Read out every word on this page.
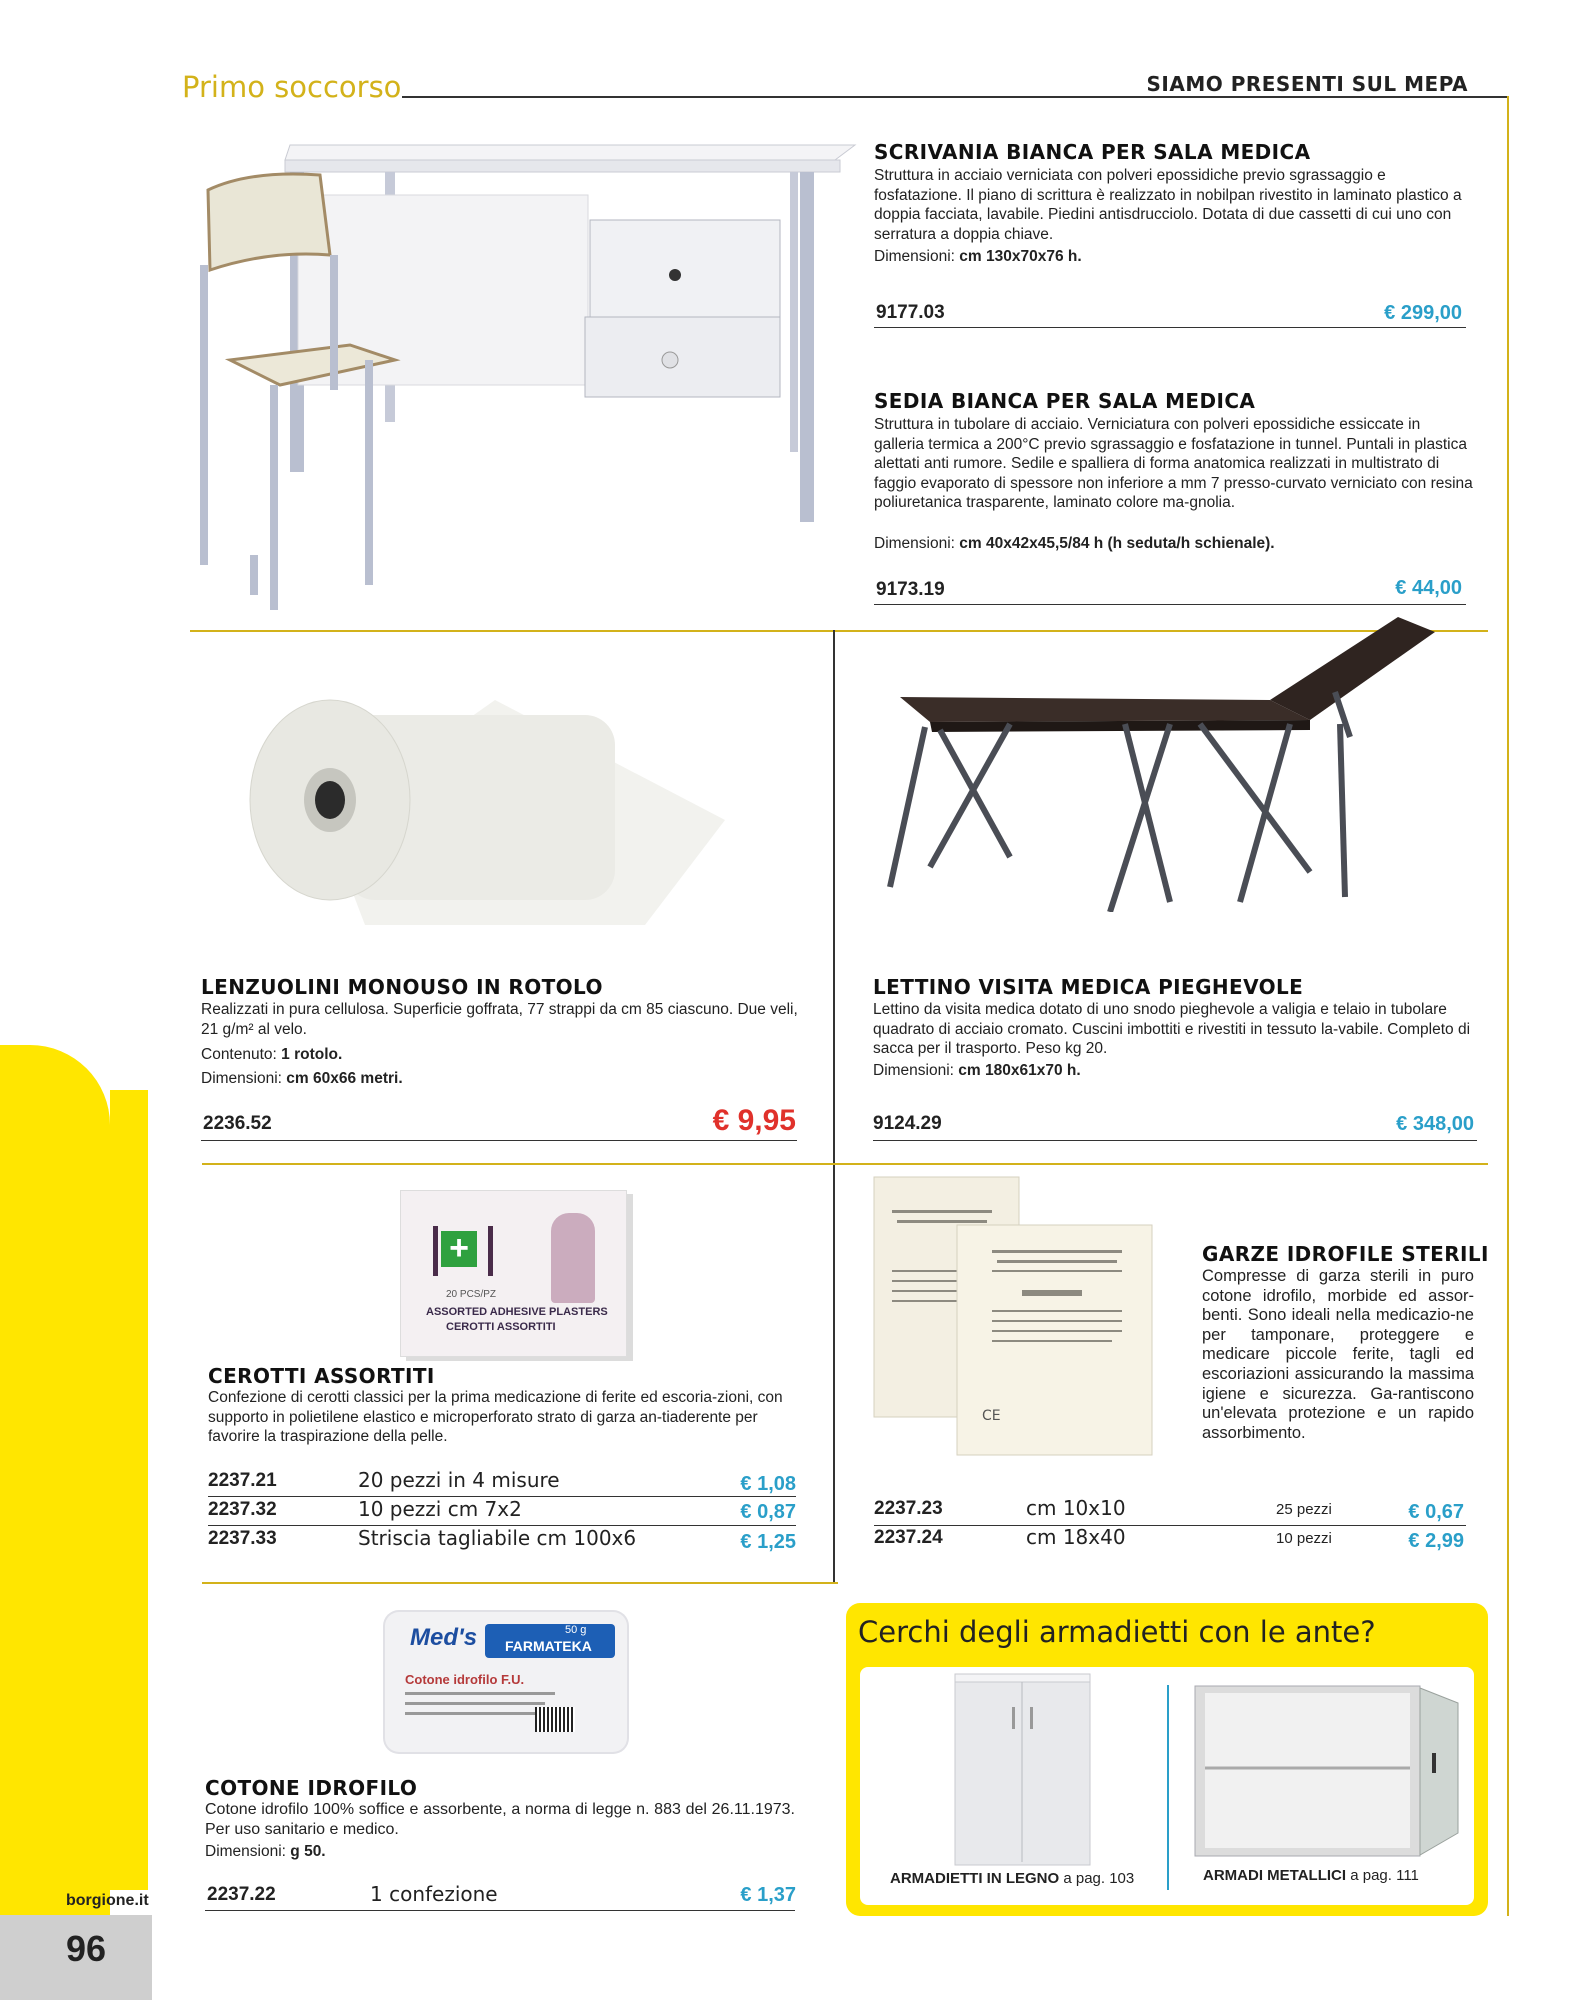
Primo soccorso	SIAMO PRESENTI SUL MEPA
IGIENE E SICUREZZA
borgione.it
96
SCRIVANIA BIANCA PER SALA MEDICA
Struttura in acciaio verniciata con polveri epossidiche previo sgrassaggio e fosfatazione. Il piano di scrittura è realizzato in nobilpan rivestito in laminato plastico a doppia facciata, lavabile. Piedini antisdrucciolo. Dotata di due cassetti di cui uno con serratura a doppia chiave.
Dimensioni: cm 130x70x76 h.
9177.03	€ 299,00
SEDIA BIANCA PER SALA MEDICA
Struttura in tubolare di acciaio. Verniciatura con polveri epossidiche essiccate in galleria termica a 200°C previo sgrassaggio e fosfatazione in tunnel. Puntali in plastica alettati anti rumore. Sedile e spalliera di forma anatomica realizzati in multistrato di faggio evaporato di spessore non inferiore a mm 7 presso-curvato verniciato con resina poliuretanica trasparente, laminato colore ma-gnolia.
Dimensioni: cm 40x42x45,5/84 h (h seduta/h schienale).
9173.19	€ 44,00
LENZUOLINI MONOUSO IN ROTOLO
Realizzati in pura cellulosa. Superficie goffrata, 77 strappi da cm 85 ciascuno. Due veli, 21 g/m² al velo.
Contenuto: 1 rotolo.
Dimensioni: cm 60x66 metri.
2236.52	€ 9,95
LETTINO VISITA MEDICA PIEGHEVOLE
Lettino da visita medica dotato di uno snodo pieghevole a valigia e telaio in tubolare quadrato di acciaio cromato. Cuscini imbottiti e rivestiti in tessuto la-vabile. Completo di sacca per il trasporto. Peso kg 20.
Dimensioni: cm 180x61x70 h.
9124.29	€ 348,00
+
20 PCS/PZ
ASSORTED ADHESIVE PLASTERS
CEROTTI ASSORTITI
CEROTTI ASSORTITI
Confezione di cerotti classici per la prima medicazione di ferite ed escoria-zioni, con supporto in polietilene elastico e microperforato strato di garza an-tiaderente per favorire la traspirazione della pelle.
2237.21	20 pezzi in 4 misure	€ 1,08
2237.32	10 pezzi cm 7x2	€ 0,87
2237.33	Striscia tagliabile cm 100x6	€ 1,25
CE
GARZE IDROFILE STERILI
Compresse di garza sterili in puro cotone idrofilo, morbide ed assor-benti. Sono ideali nella medicazio-ne per tamponare, proteggere e medicare piccole ferite, tagli ed escoriazioni assicurando la massima igiene e sicurezza. Ga-rantiscono un'elevata protezione e un rapido assorbimento.
2237.23	cm 10x10	25 pezzi	€ 0,67
2237.24	cm 18x40	10 pezzi	€ 2,99
Med's	50 g
FARMATEKA
Cotone idrofilo F.U.
COTONE IDROFILO
Cotone idrofilo 100% soffice e assorbente, a norma di legge n. 883 del 26.11.1973. Per uso sanitario e medico.
Dimensioni: g 50.
2237.22	1 confezione	€ 1,37
Cerchi degli armadietti con le ante?
ARMADIETTI IN LEGNO a pag. 103	ARMADI METALLICI a pag. 111
